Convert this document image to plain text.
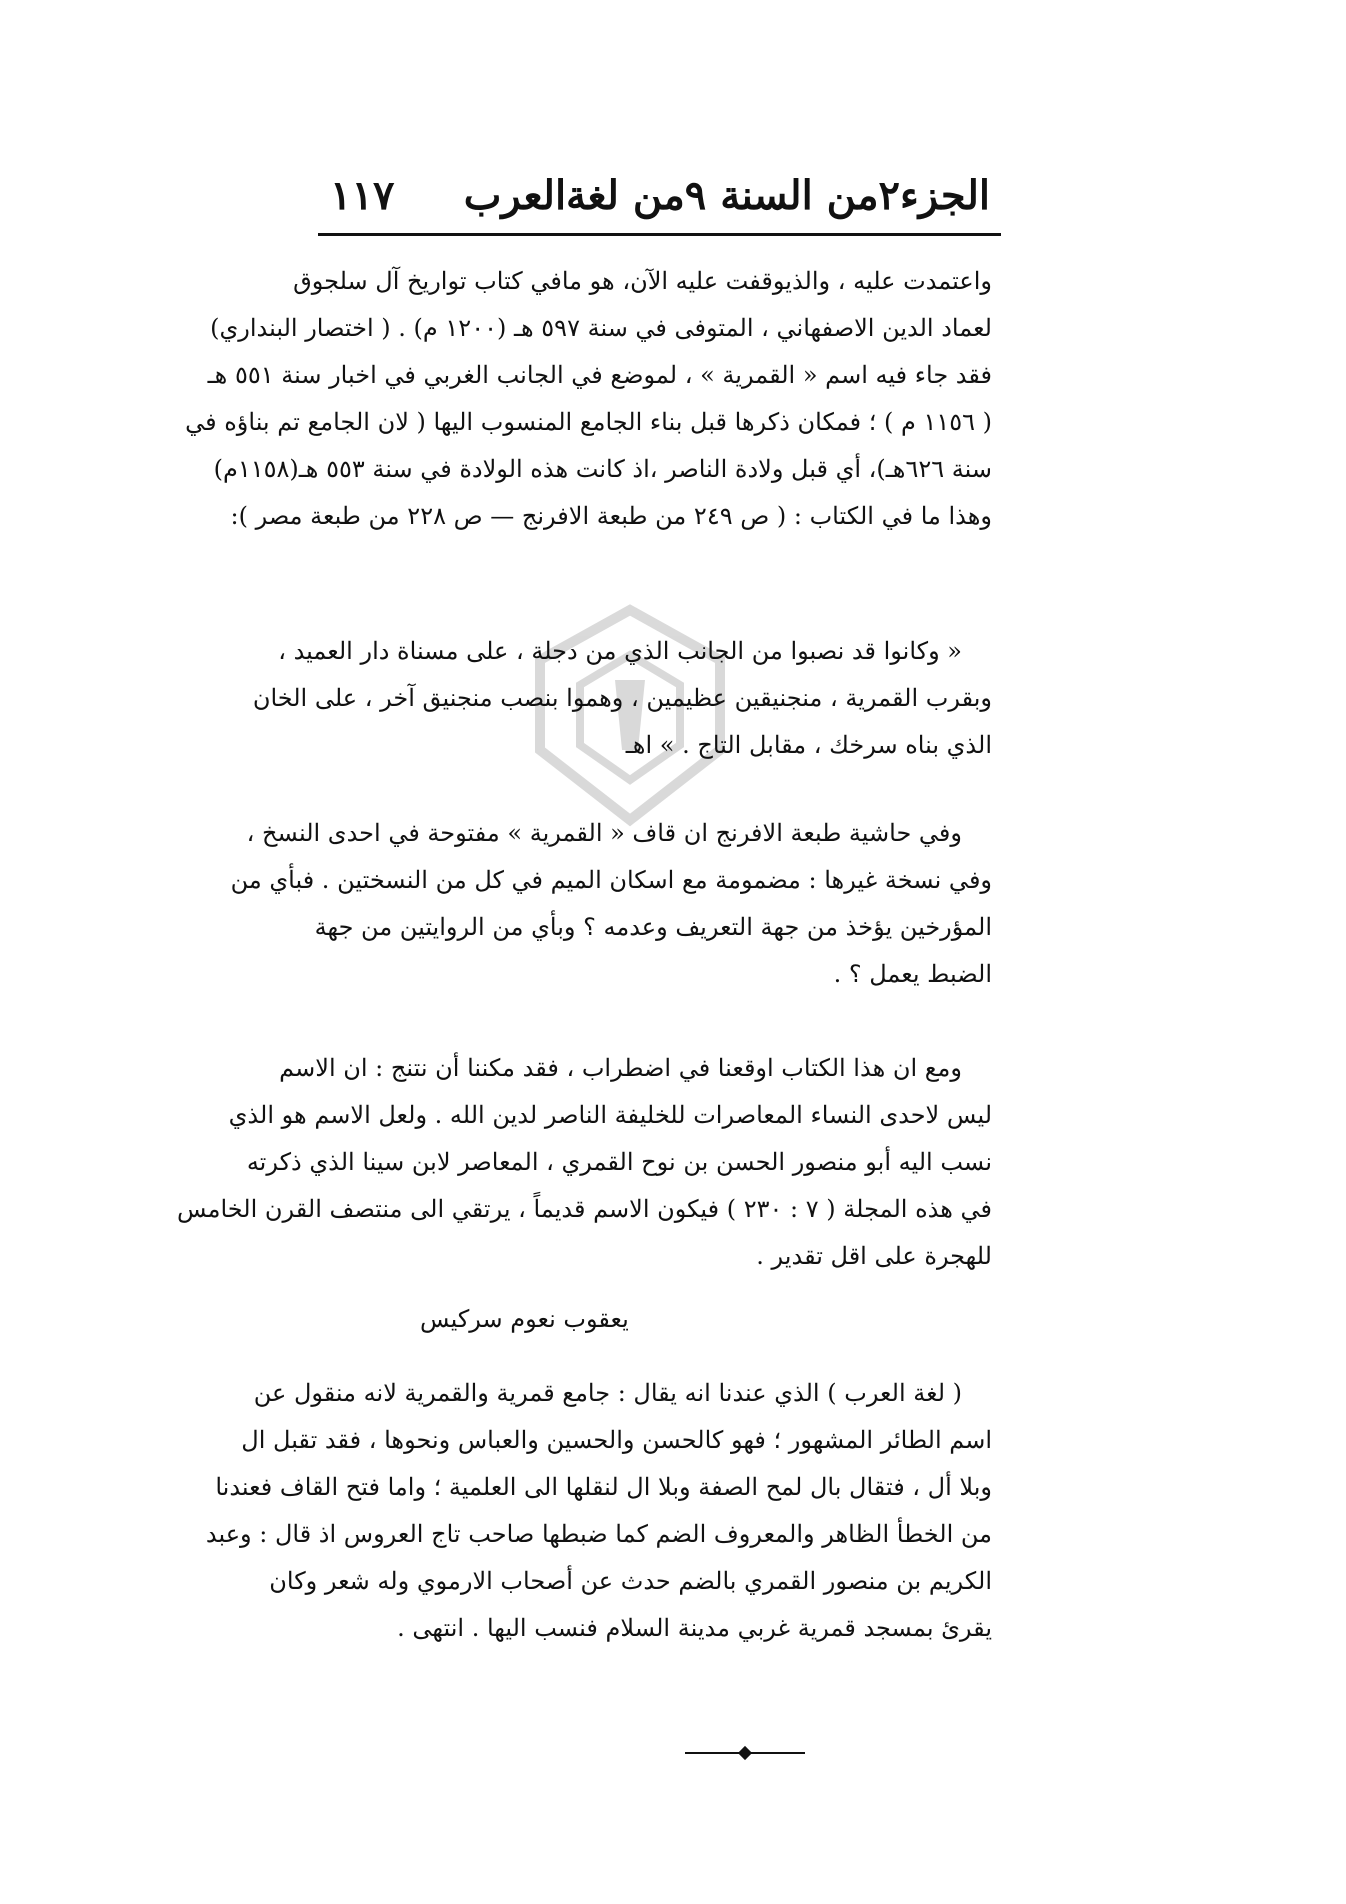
الجزء٢من السنة ٩من لغةالعرب
١١٧
واعتمدت عليه ، والذيوقفت عليه الآن، هو مافي كتاب تواريخ آل سلجوق
لعماد الدين الاصفهاني ، المتوفى في سنة ٥٩٧ هـ (١٢٠٠ م) . ( اختصار البنداري)
فقد جاء فيه اسم « القمرية » ، لموضع في الجانب الغربي في اخبار سنة ٥٥١ هـ
( ١١٥٦ م ) ؛ فمكان ذكرها قبل بناء الجامع المنسوب اليها ( لان الجامع تم بناؤه في
سنة ٦٢٦هـ)، أي قبل ولادة الناصر ،اذ كانت هذه الولادة في سنة ٥٥٣ هـ(١١٥٨م)
وهذا ما في الكتاب : ( ص ٢٤٩ من طبعة الافرنج — ص ٢٢٨ من طبعة مصر ):
« وكانوا قد نصبوا من الجانب الذي من دجلة ، على مسناة دار العميد ،
وبقرب القمرية ، منجنيقين عظيمين ، وهموا بنصب منجنيق آخر ، على الخان
الذي بناه سرخك ، مقابل التاج . » اهـ
وفي حاشية طبعة الافرنج ان قاف « القمرية » مفتوحة في احدى النسخ ،
وفي نسخة غيرها : مضمومة مع اسكان الميم في كل من النسختين . فبأي من
المؤرخين يؤخذ من جهة التعريف وعدمه ؟ وبأي من الروايتين من جهة
الضبط يعمل ؟ .
ومع ان هذا الكتاب اوقعنا في اضطراب ، فقد مكننا أن نتنج : ان الاسم
ليس لاحدى النساء المعاصرات للخليفة الناصر لدين الله . ولعل الاسم هو الذي
نسب اليه أبو منصور الحسن بن نوح القمري ، المعاصر لابن سينا الذي ذكرته
في هذه المجلة ( ٧ : ٢٣٠ ) فيكون الاسم قديماً ، يرتقي الى منتصف القرن الخامس
للهجرة على اقل تقدير .
يعقوب نعوم سركيس
( لغة العرب ) الذي عندنا انه يقال : جامع قمرية والقمرية لانه منقول عن
اسم الطائر المشهور ؛ فهو كالحسن والحسين والعباس ونحوها ، فقد تقبل ال
وبلا أل ، فتقال بال لمح الصفة وبلا ال لنقلها الى العلمية ؛ واما فتح القاف فعندنا
من الخطأ الظاهر والمعروف الضم كما ضبطها صاحب تاج العروس اذ قال : وعبد
الكريم بن منصور القمري بالضم حدث عن أصحاب الارموي وله شعر وكان
يقرئ بمسجد قمرية غربي مدينة السلام فنسب اليها . انتهى .
